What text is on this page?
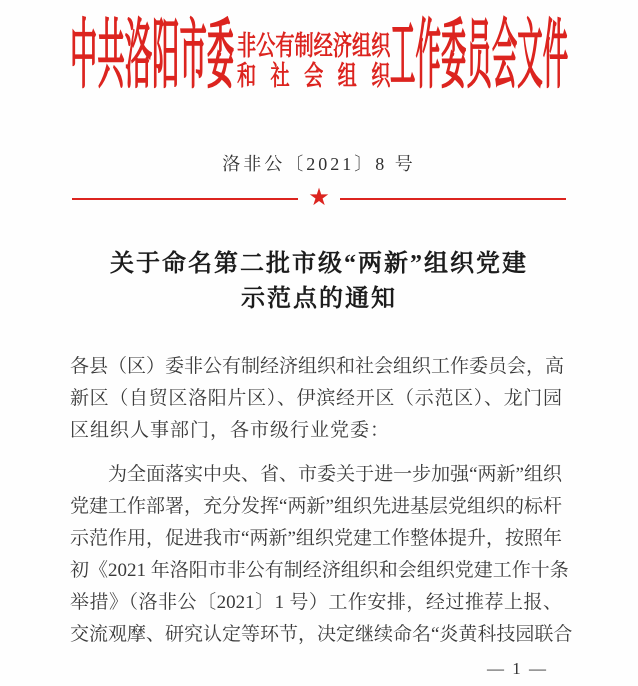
中共洛阳市委 非公有制经济组织
和社会组织 工作委员会文件
洛非公〔2021〕8 号
★
关于命名第二批市级“两新”组织党建
示范点的通知
各县（区）委非公有制经济组织和社会组织工作委员会，高
新区（自贸区洛阳片区）、伊滨经开区（示范区）、龙门园
区组织人事部门，各市级行业党委：
为全面落实中央、省、市委关于进一步加强“两新”组织
党建工作部署，充分发挥“两新”组织先进基层党组织的标杆
示范作用，促进我市“两新”组织党建工作整体提升，按照年
初《2021 年洛阳市非公有制经济组织和会组织党建工作十条
举措》（洛非公〔2021〕1 号）工作安排，经过推荐上报、
交流观摩、研究认定等环节，决定继续命名“炎黄科技园联合
— 1 —
